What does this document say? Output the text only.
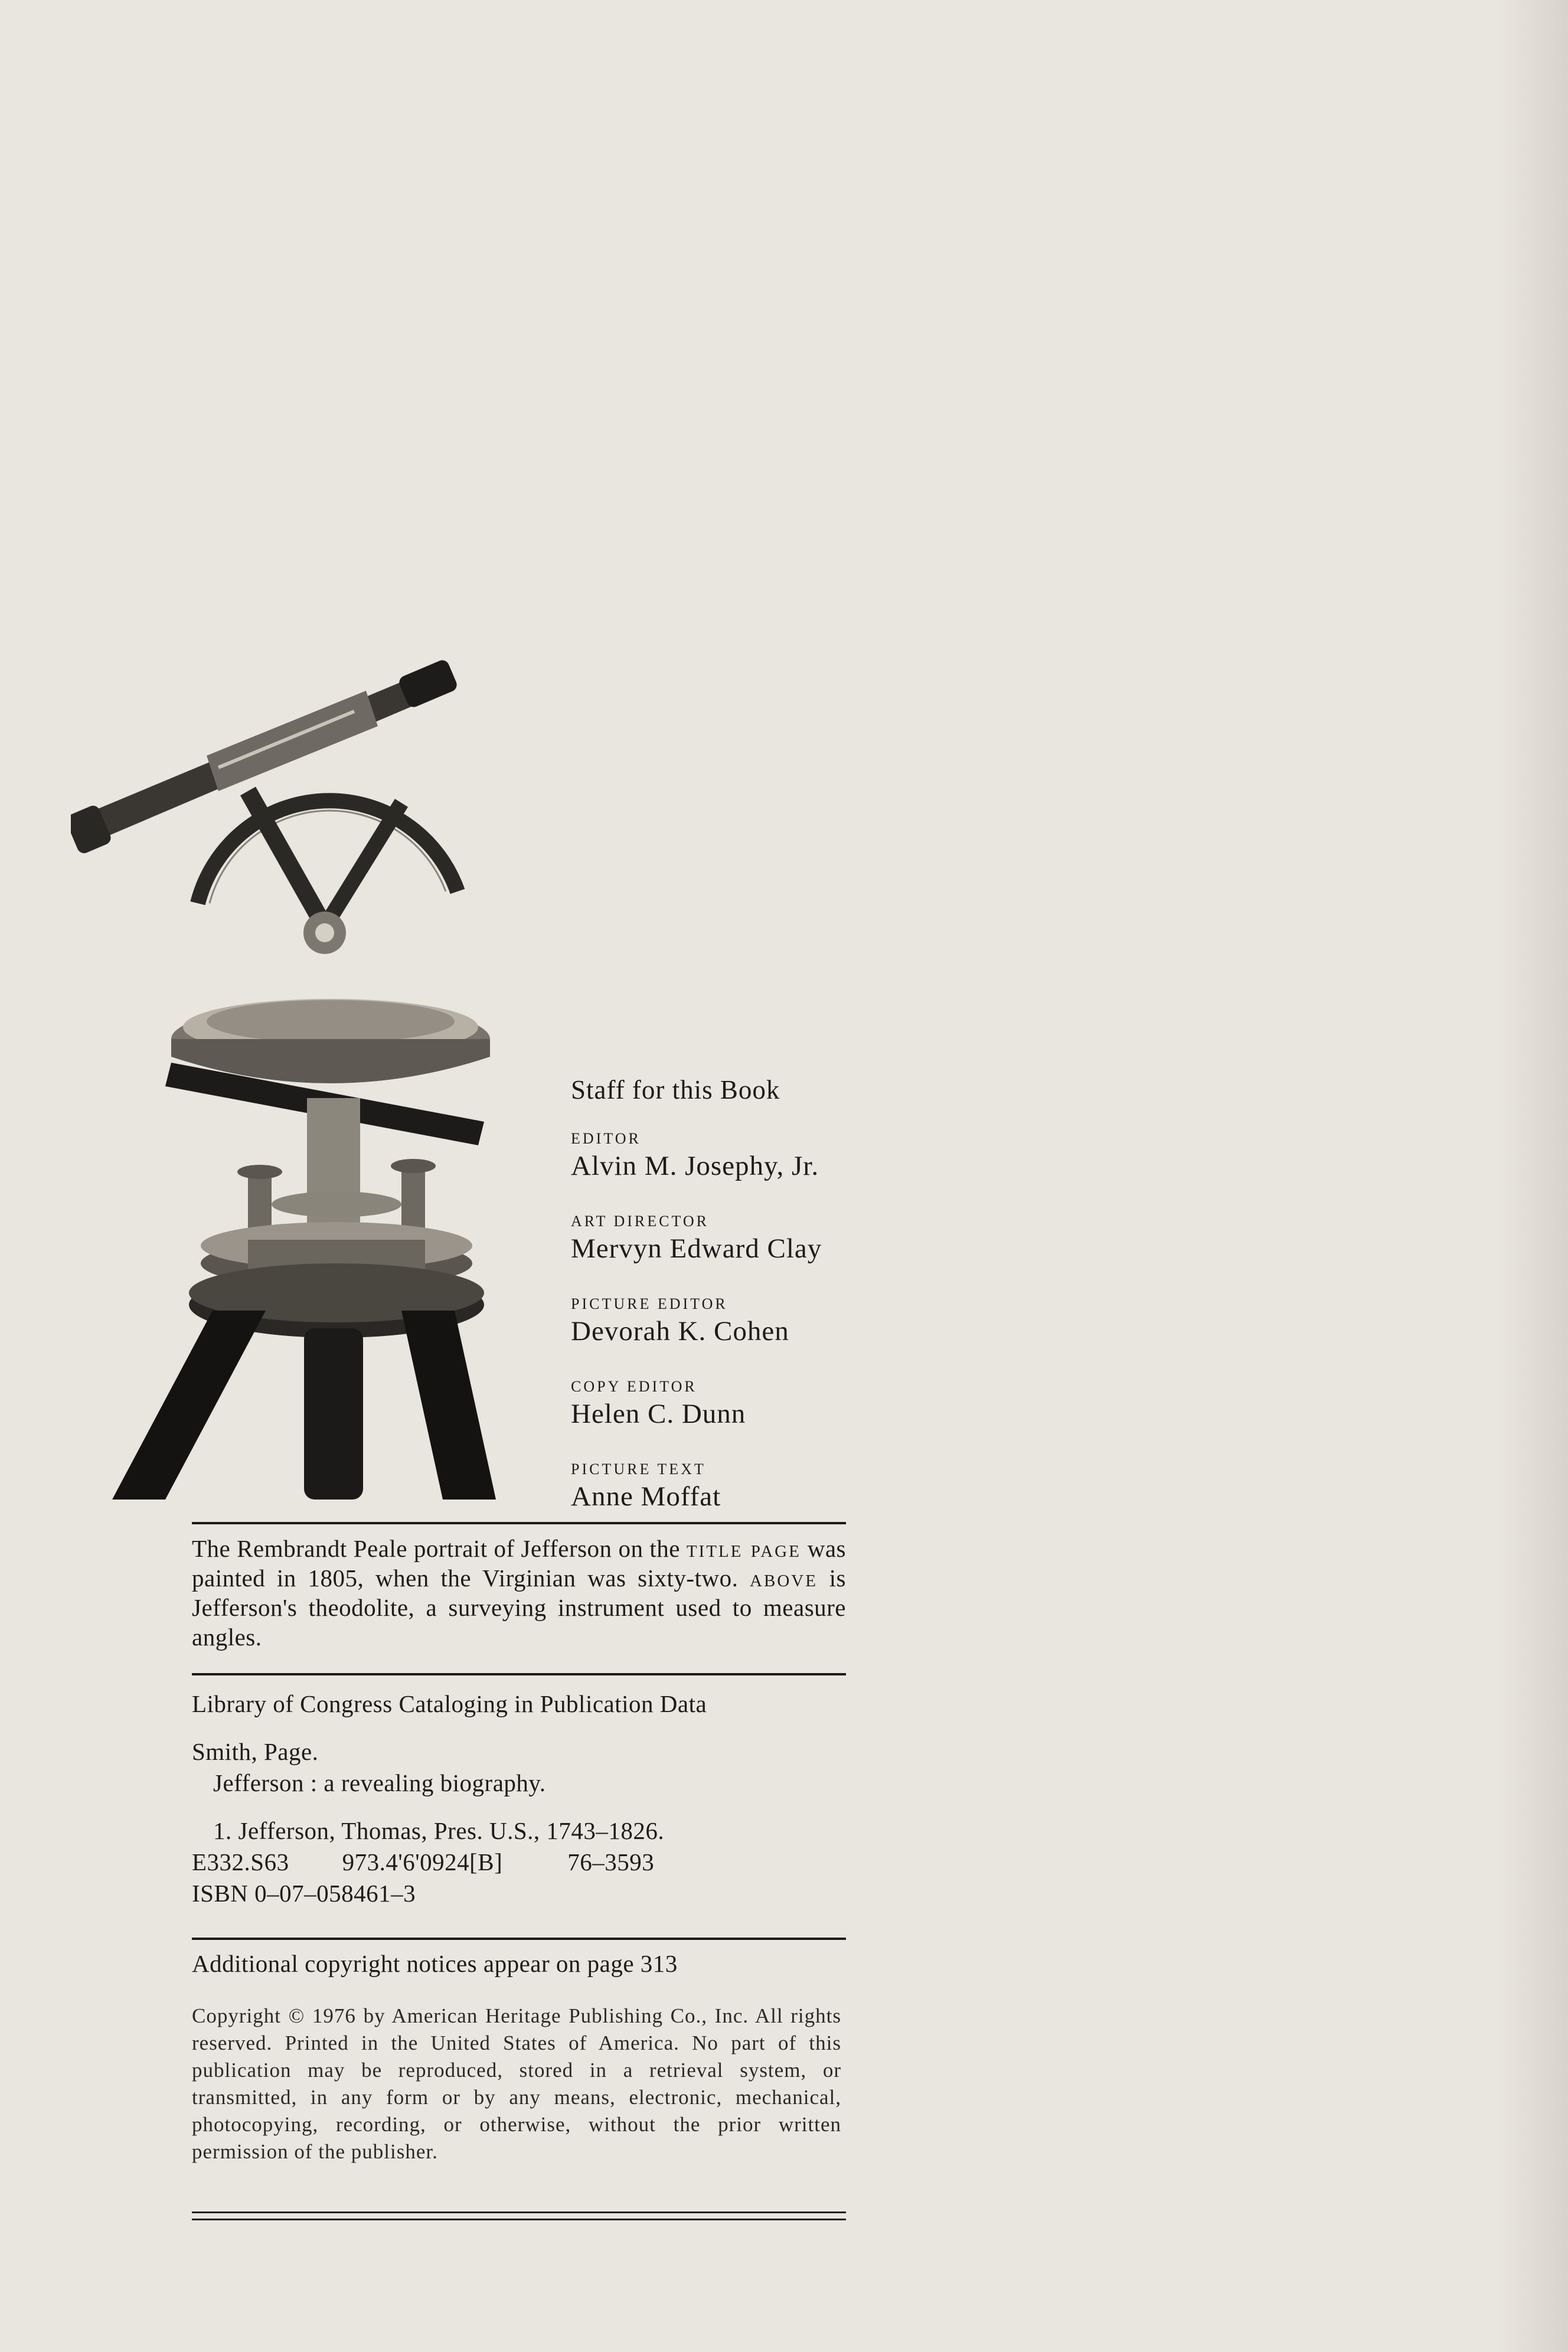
Staff for this Book

EDITOR

Alvin M. Josephy, Jr.

ART DIRECTOR

Mervyn Edward Clay

PICTURE EDITOR

Devorah K. Cohen

COPY EDITOR

Helen C. Dunn

PICTURE TEXT

Anne Moffat

The Rembrandt Peale portrait of Jefferson on the title page was painted in 1805, when the Virginian was sixty-two. above is Jefferson's theodolite, a surveying instrument used to measure angles.

Library of Congress Cataloging in Publication Data

Smith, Page.

Jefferson : a revealing biography.

1. Jefferson, Thomas, Pres. U.S., 1743–1826.

E332.S63 973.4'6'0924[B]	76–3593

ISBN 0–07–058461–3

Additional copyright notices appear on page 313

Copyright © 1976 by American Heritage Publishing Co., Inc. All rights reserved. Printed in the United States of America. No part of this publication may be reproduced, stored in a retrieval system, or transmitted, in any form or by any means, electronic, mechanical, photocopying, recording, or otherwise, without the prior written permission of the publisher.
